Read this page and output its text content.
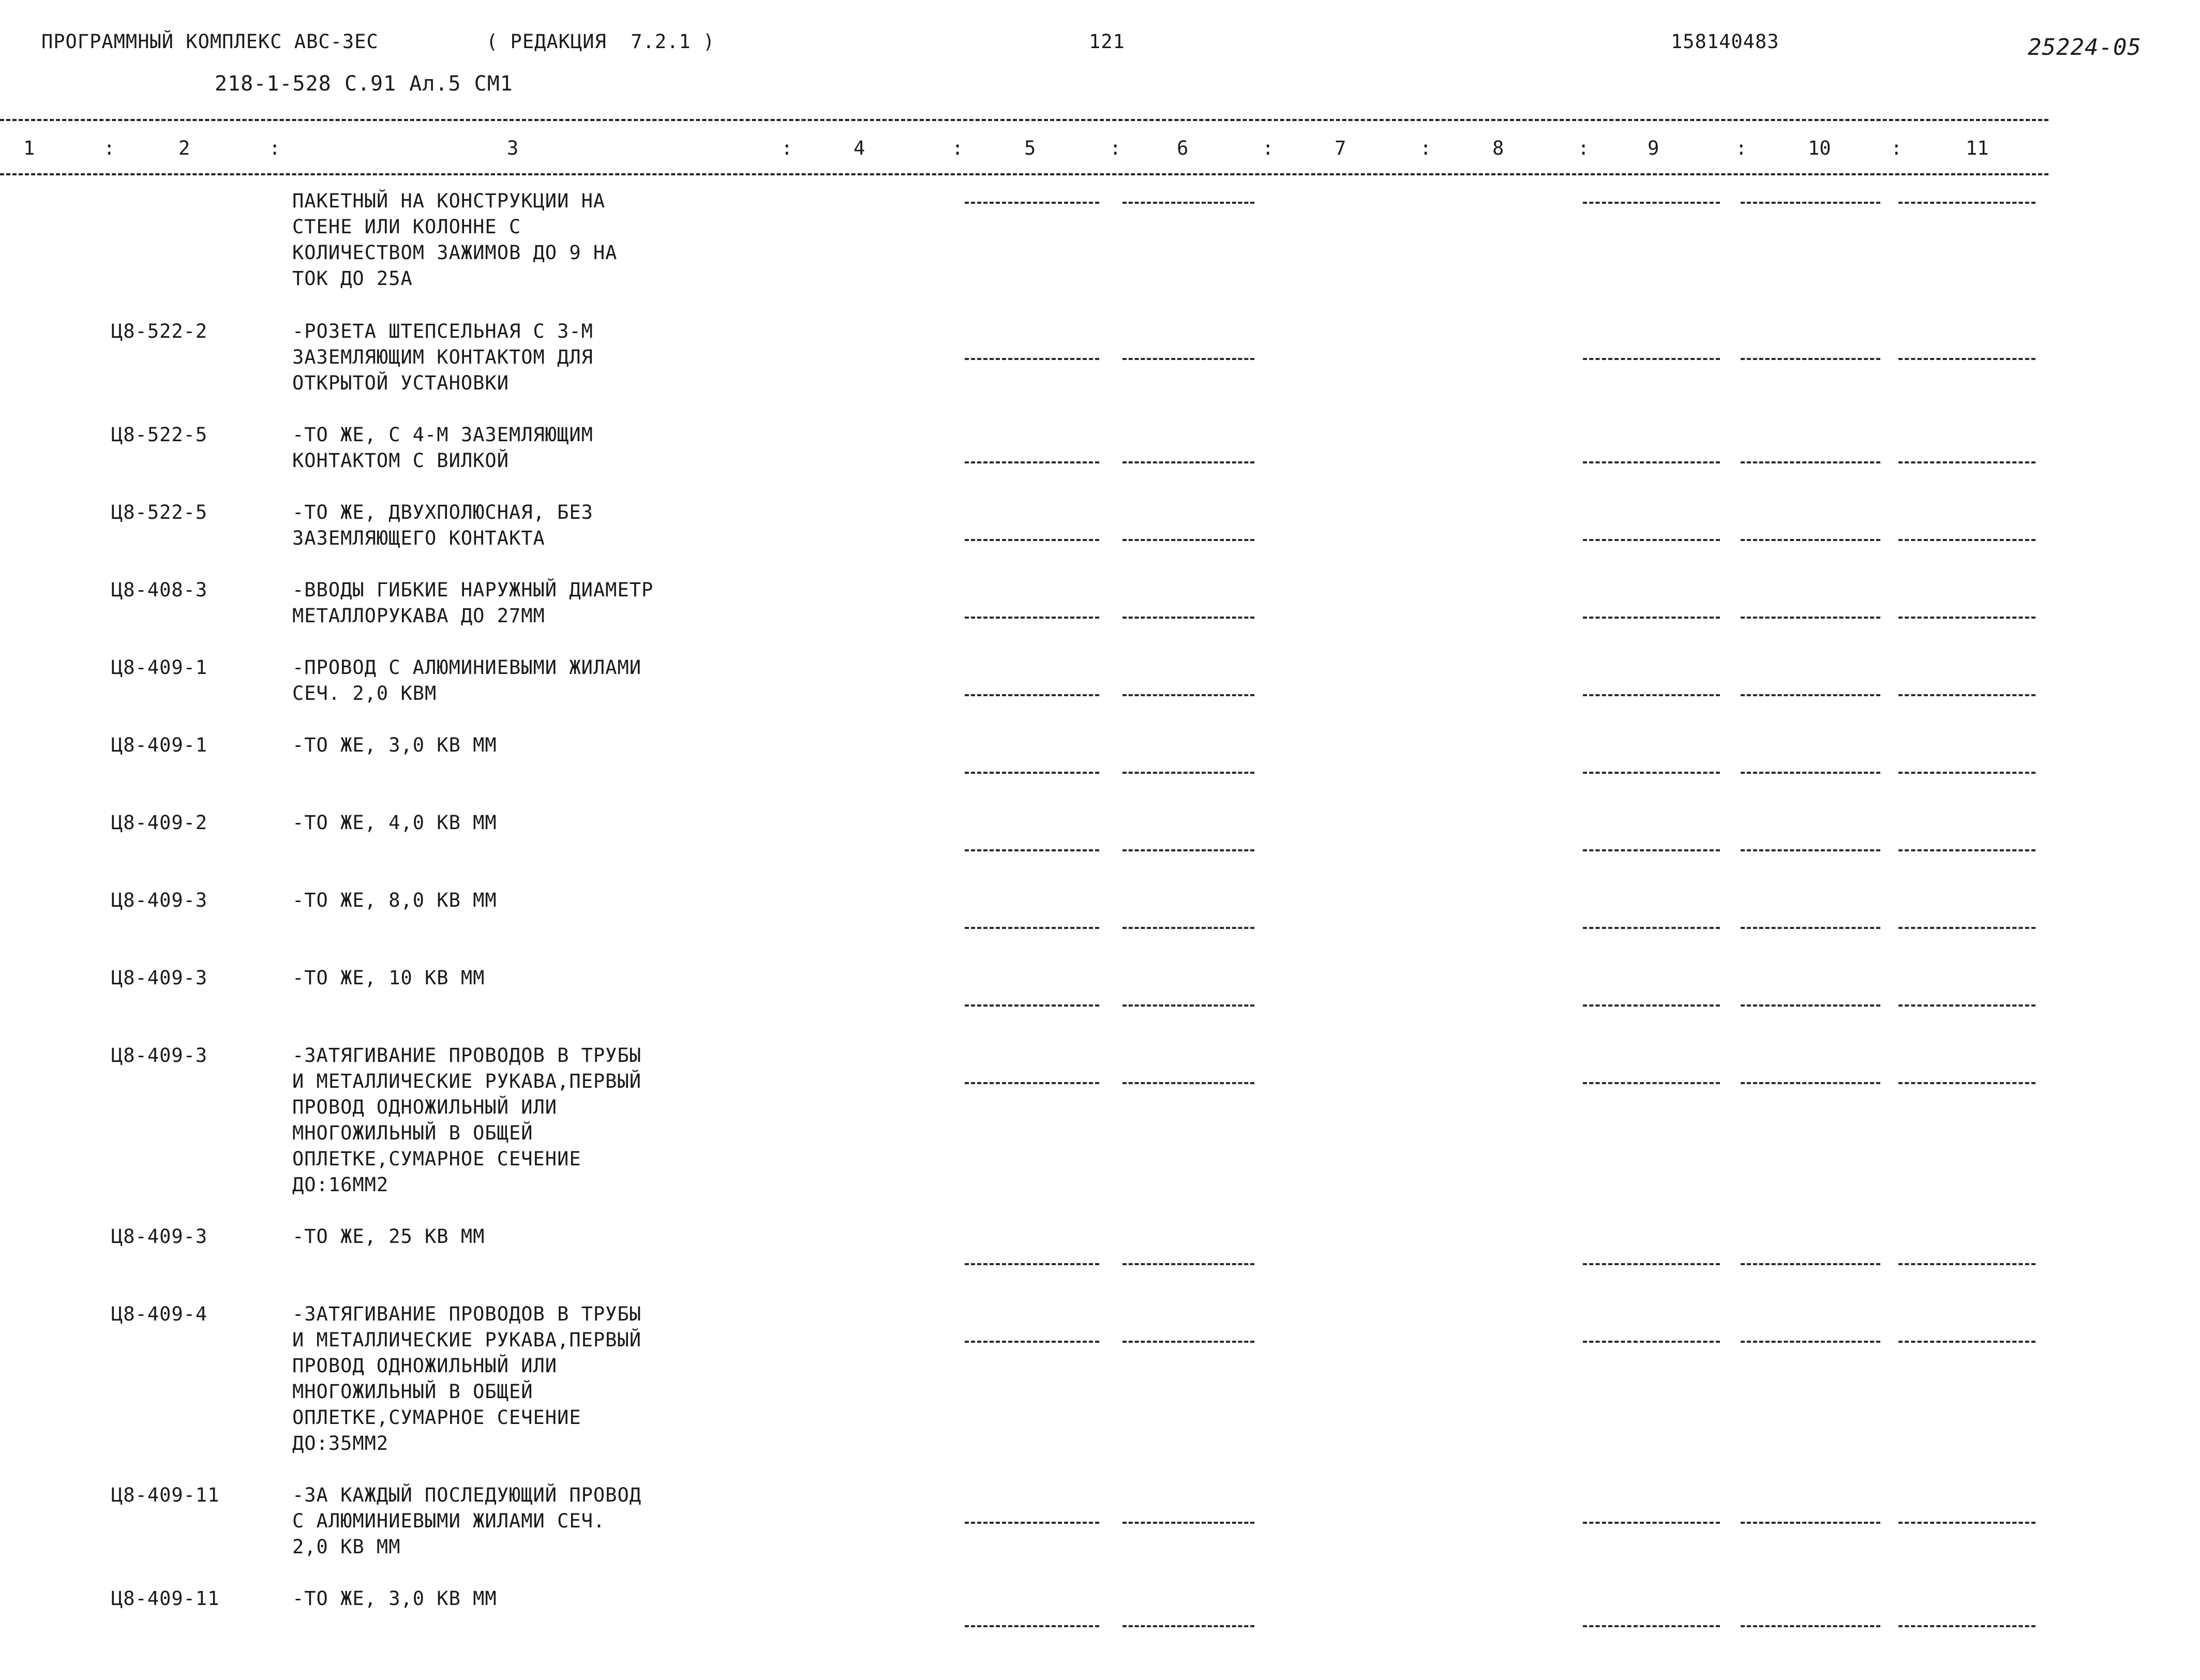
ПРОГРАММНЫЙ КОМПЛЕКС АВС-3ЕС	( РЕДАКЦИЯ  7.2.1 )	121	158140483	25224-05
218-1-528 С.91 Ал.5 СМ1
1	2	3	4	5	6	7	8	9	10	11
:	:	:	:	:	:	:	:	:	:
ПАКЕТНЫЙ НА КОНСТРУКЦИИ НА
СТЕНЕ ИЛИ КОЛОННЕ С
КОЛИЧЕСТВОМ ЗАЖИМОВ ДО 9 НА
ТОК ДО 25А
Ц8-522-2	-РОЗЕТА ШТЕПСЕЛЬНАЯ С 3-М
ЗАЗЕМЛЯЮЩИМ КОНТАКТОМ ДЛЯ
ОТКРЫТОЙ УСТАНОВКИ
Ц8-522-5	-ТО ЖЕ, С 4-М ЗАЗЕМЛЯЮЩИМ
КОНТАКТОМ С ВИЛКОЙ
Ц8-522-5	-ТО ЖЕ, ДВУХПОЛЮСНАЯ, БЕЗ
ЗАЗЕМЛЯЮЩЕГО КОНТАКТА
Ц8-408-3	-ВВОДЫ ГИБКИЕ НАРУЖНЫЙ ДИАМЕТР
МЕТАЛЛОРУКАВА ДО 27ММ
Ц8-409-1	-ПРОВОД С АЛЮМИНИЕВЫМИ ЖИЛАМИ
СЕЧ. 2,0 КВМ
Ц8-409-1	-ТО ЖЕ, 3,0 КВ ММ
Ц8-409-2	-ТО ЖЕ, 4,0 КВ ММ
Ц8-409-3	-ТО ЖЕ, 8,0 КВ ММ
Ц8-409-3	-ТО ЖЕ, 10 КВ ММ
Ц8-409-3	-ЗАТЯГИВАНИЕ ПРОВОДОВ В ТРУБЫ
И МЕТАЛЛИЧЕСКИЕ РУКАВА,ПЕРВЫЙ
ПРОВОД ОДНОЖИЛЬНЫЙ ИЛИ
МНОГОЖИЛЬНЫЙ В ОБЩЕЙ
ОПЛЕТКЕ,СУМАРНОЕ СЕЧЕНИЕ
ДО:16ММ2
Ц8-409-3	-ТО ЖЕ, 25 КВ ММ
Ц8-409-4	-ЗАТЯГИВАНИЕ ПРОВОДОВ В ТРУБЫ
И МЕТАЛЛИЧЕСКИЕ РУКАВА,ПЕРВЫЙ
ПРОВОД ОДНОЖИЛЬНЫЙ ИЛИ
МНОГОЖИЛЬНЫЙ В ОБЩЕЙ
ОПЛЕТКЕ,СУМАРНОЕ СЕЧЕНИЕ
ДО:35ММ2
Ц8-409-11	-ЗА КАЖДЫЙ ПОСЛЕДУЮЩИЙ ПРОВОД
С АЛЮМИНИЕВЫМИ ЖИЛАМИ СЕЧ.
2,0 КВ ММ
Ц8-409-11	-ТО ЖЕ, 3,0 КВ ММ
